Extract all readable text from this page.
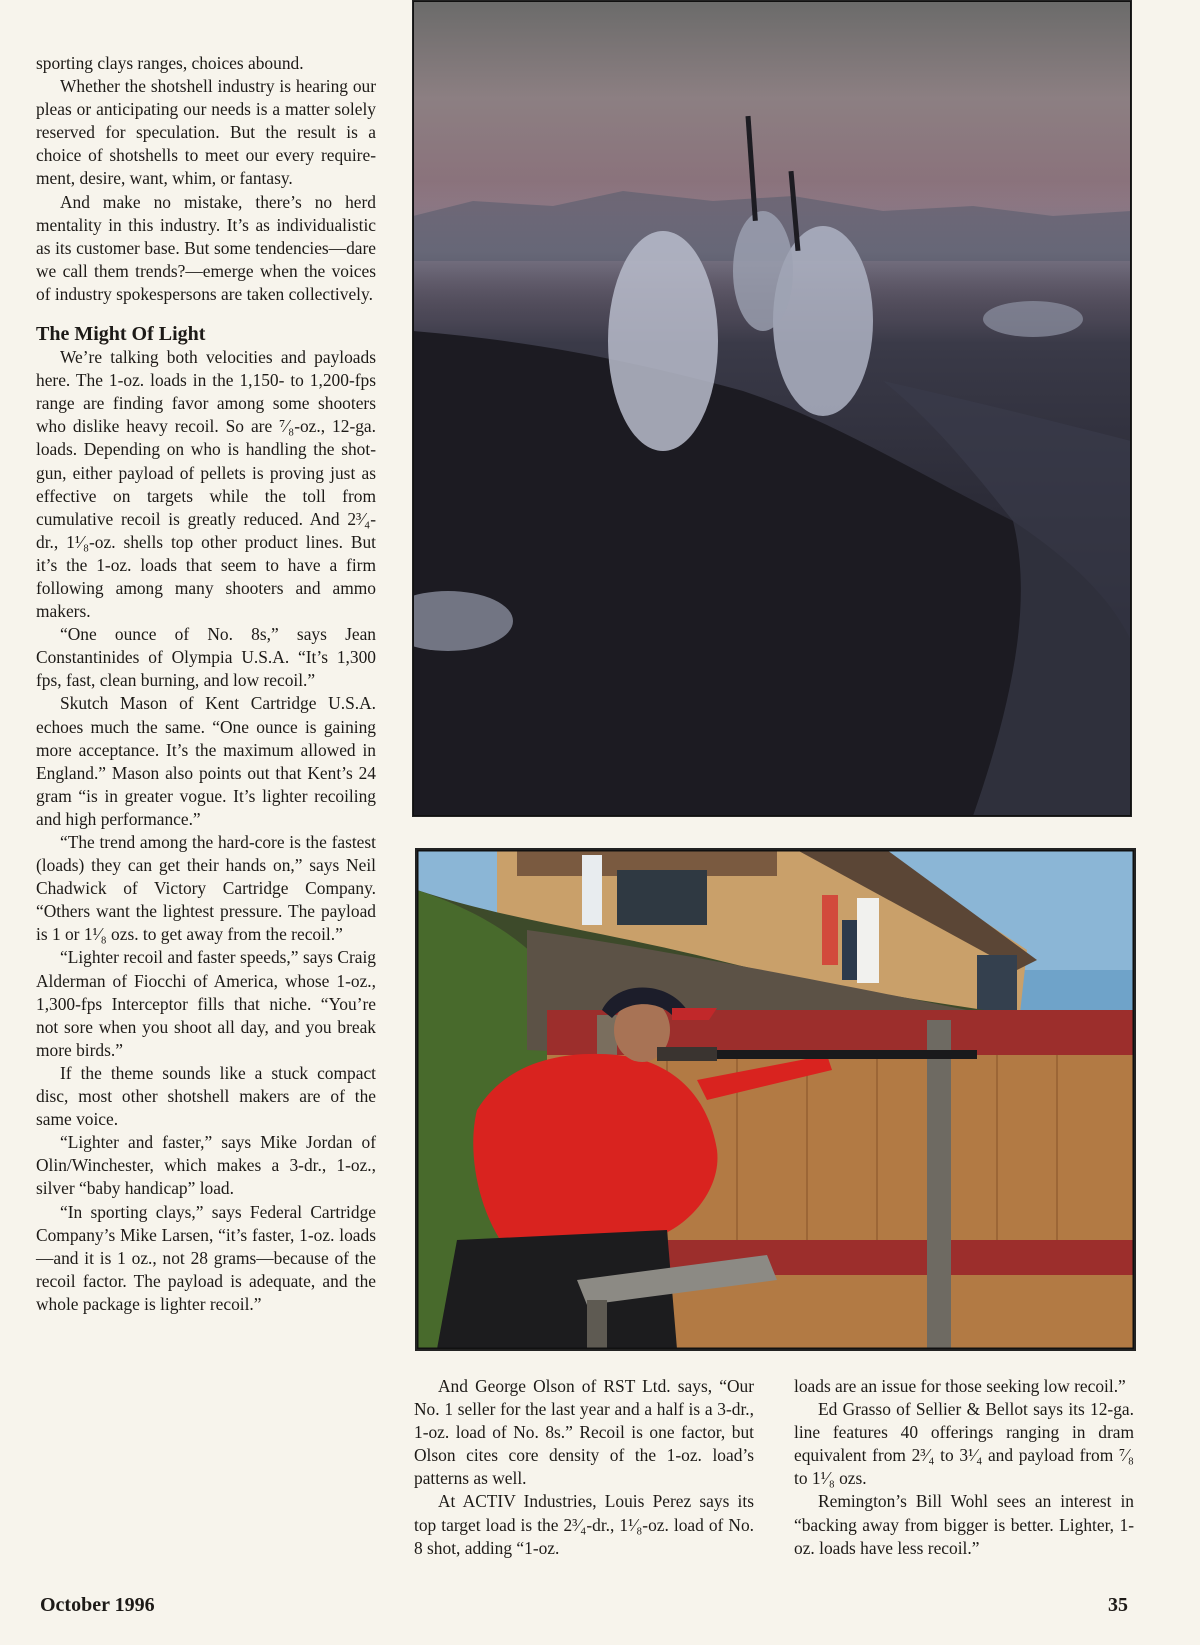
sporting clays ranges, choices abound.

Whether the shotshell industry is hearing our pleas or anticipating our needs is a matter solely reserved for speculation. But the result is a choice of shotshells to meet our every requirement, desire, want, whim, or fantasy.

And make no mistake, there’s no herd mentality in this industry. It’s as individualistic as its customer base. But some tendencies—dare we call them trends?—emerge when the voices of industry spokespersons are taken collectively.

The Might Of Light

We’re talking both velocities and payloads here. The 1-oz. loads in the 1,150- to 1,200-fps range are finding favor among some shooters who dislike heavy recoil. So are ⁷⁄₈-oz., 12-ga. loads. Depending on who is handling the shotgun, either payload of pellets is proving just as effective on targets while the toll from cumulative recoil is greatly reduced. And 2³⁄₄-dr., 1¹⁄₈-oz. shells top other product lines. But it’s the 1-oz. loads that seem to have a firm following among many shooters and ammo makers.

“One ounce of No. 8s,” says Jean Constantinides of Olympia U.S.A. “It’s 1,300 fps, fast, clean burning, and low recoil.”

Skutch Mason of Kent Cartridge U.S.A. echoes much the same. “One ounce is gaining more acceptance. It’s the maximum allowed in England.” Mason also points out that Kent’s 24 gram “is in greater vogue. It’s lighter recoiling and high performance.”

“The trend among the hard-core is the fastest (loads) they can get their hands on,” says Neil Chadwick of Victory Cartridge Company. “Others want the lightest pressure. The payload is 1 or 1¹⁄₈ ozs. to get away from the recoil.”

“Lighter recoil and faster speeds,” says Craig Alderman of Fiocchi of America, whose 1-oz., 1,300-fps Interceptor fills that niche. “You’re not sore when you shoot all day, and you break more birds.”

If the theme sounds like a stuck compact disc, most other shotshell makers are of the same voice.

“Lighter and faster,” says Mike Jordan of Olin/Winchester, which makes a 3-dr., 1-oz., silver “baby handicap” load.

“In sporting clays,” says Federal Cartridge Company’s Mike Larsen, “it’s faster, 1-oz. loads—and it is 1 oz., not 28 grams—because of the recoil factor. The payload is adequate, and the whole package is lighter recoil.”

And George Olson of RST Ltd. says, “Our No. 1 seller for the last year and a half is a 3-dr., 1-oz. load of No. 8s.” Recoil is one factor, but Olson cites core density of the 1-oz. load’s patterns as well.

At ACTIV Industries, Louis Perez says its top target load is the 2³⁄₄-dr., 1¹⁄₈-oz. load of No. 8 shot, adding “1-oz.

loads are an issue for those seeking low recoil.”

Ed Grasso of Sellier & Bellot says its 12-ga. line features 40 offerings ranging in dram equivalent from 2³⁄₄ to 3¹⁄₄ and payload from ⁷⁄₈ to 1¹⁄₈ ozs.

Remington’s Bill Wohl sees an interest in “backing away from bigger is better. Lighter, 1-oz. loads have less recoil.”

October 1996	35
